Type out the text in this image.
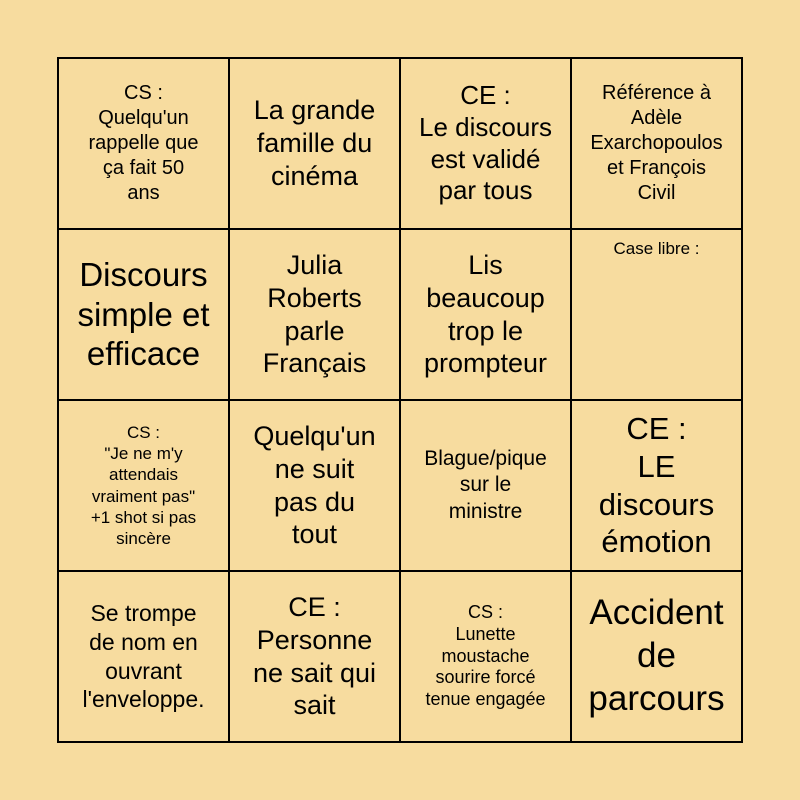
CS :
Quelqu'un
rappelle que
ça fait 50
ans
La grande
famille du
cinéma
CE :
Le discours
est validé
par tous
Référence à
Adèle
Exarchopoulos
et François
Civil
Discours
simple et
efficace
Julia
Roberts
parle
Français
Lis
beaucoup
trop le
prompteur
Case libre :
CS :
"Je ne m'y
attendais
vraiment pas"
+1 shot si pas
sincère
Quelqu'un
ne suit
pas du
tout
Blague/pique
sur le
ministre
CE :
LE
discours
émotion
Se trompe
de nom en
ouvrant
l'enveloppe.
CE :
Personne
ne sait qui
sait
CS :
Lunette
moustache
sourire forcé
tenue engagée
Accident
de
parcours
